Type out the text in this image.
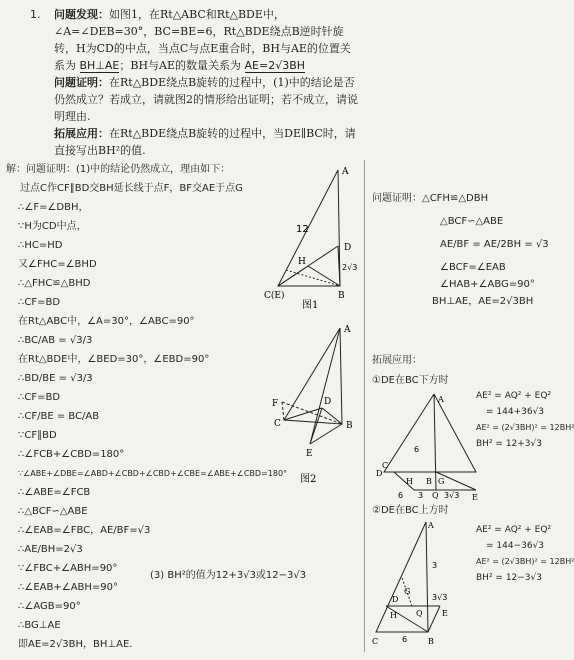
1. 问题发现：如图1，在Rt△ABC和Rt△BDE中，∠A=∠DEB=30°，BC=BE=6，Rt△BDE绕点B逆时针旋转，H为CD的中点，当点C与点E重合时，BH与AE的位置关系为 BH⊥AE；BH与AE的数量关系为 AE=2√3BH

问题证明：在Rt△BDE绕点B旋转的过程中，(1)中的结论是否仍然成立？若成立，请就图2的情形给出证明；若不成立，请说明理由.

拓展应用：在Rt△BDE绕点B旋转的过程中，当DE∥BC时，请直接写出BH²的值.

解：问题证明：(1)中的结论仍然成立，理由如下：
过点C作CF∥BD交BH延长线于点F，BF交AE于点G
∴∠F=∠DBH，
∵H为CD中点，
∴HC=HD
又∠FHC=∠BHD
∴△FHC≌△BHD
∴CF=BD
在Rt△ABC中，∠A=30°，∠ABC=90°
∴BC/AB = √3/3
在Rt△BDE中，∠BED=30°，∠EBD=90°
∴BD/BE = √3/3
∴CF=BD
∴CF/BE = BC/AB
∵CF∥BD
∴∠FCB+∠CBD=180°
∵∠ABE+∠DBE=∠ABD+∠CBD+∠CBD+∠CBE=∠ABE+∠CBD=180°
∴∠ABE=∠FCB
∴△BCF∽△ABE
∴∠EAB=∠FBC，AE/BF=√3
∴AE/BH=2√3
∵∠FBC+∠ABH=90°
∴∠EAB+∠ABH=90°
∴∠AGB=90°
∴BG⊥AE
即AE=2√3BH，BH⊥AE.
(3) BH²的值为12+3√3或12−3√3
A
D
H
C(E)	B
12
2√3
图1
A
F	D
C	B
E
图2
问题证明：△CFH≌△DBH
△BCF∽△ABE
AE/BF = AE/2BH = √3
∠BCF=∠EAB
∠HAB+∠ABG=90°
BH⊥AE，AE=2√3BH
拓展应用：
①DE在BC下方时
AE² = AQ² + EQ²
= 144+36√3
AE² = (2√3BH)² = 12BH²
BH² = 12+3√3
A
D
C
H B G
Q	E
6
6 3	3√3
②DE在BC上方时
AE² = AQ² + EQ²
= 144−36√3
AE² = (2√3BH)² = 12BH²
BH² = 12−3√3
A
D
G
H
C	B
Q E
3
6
3√3
